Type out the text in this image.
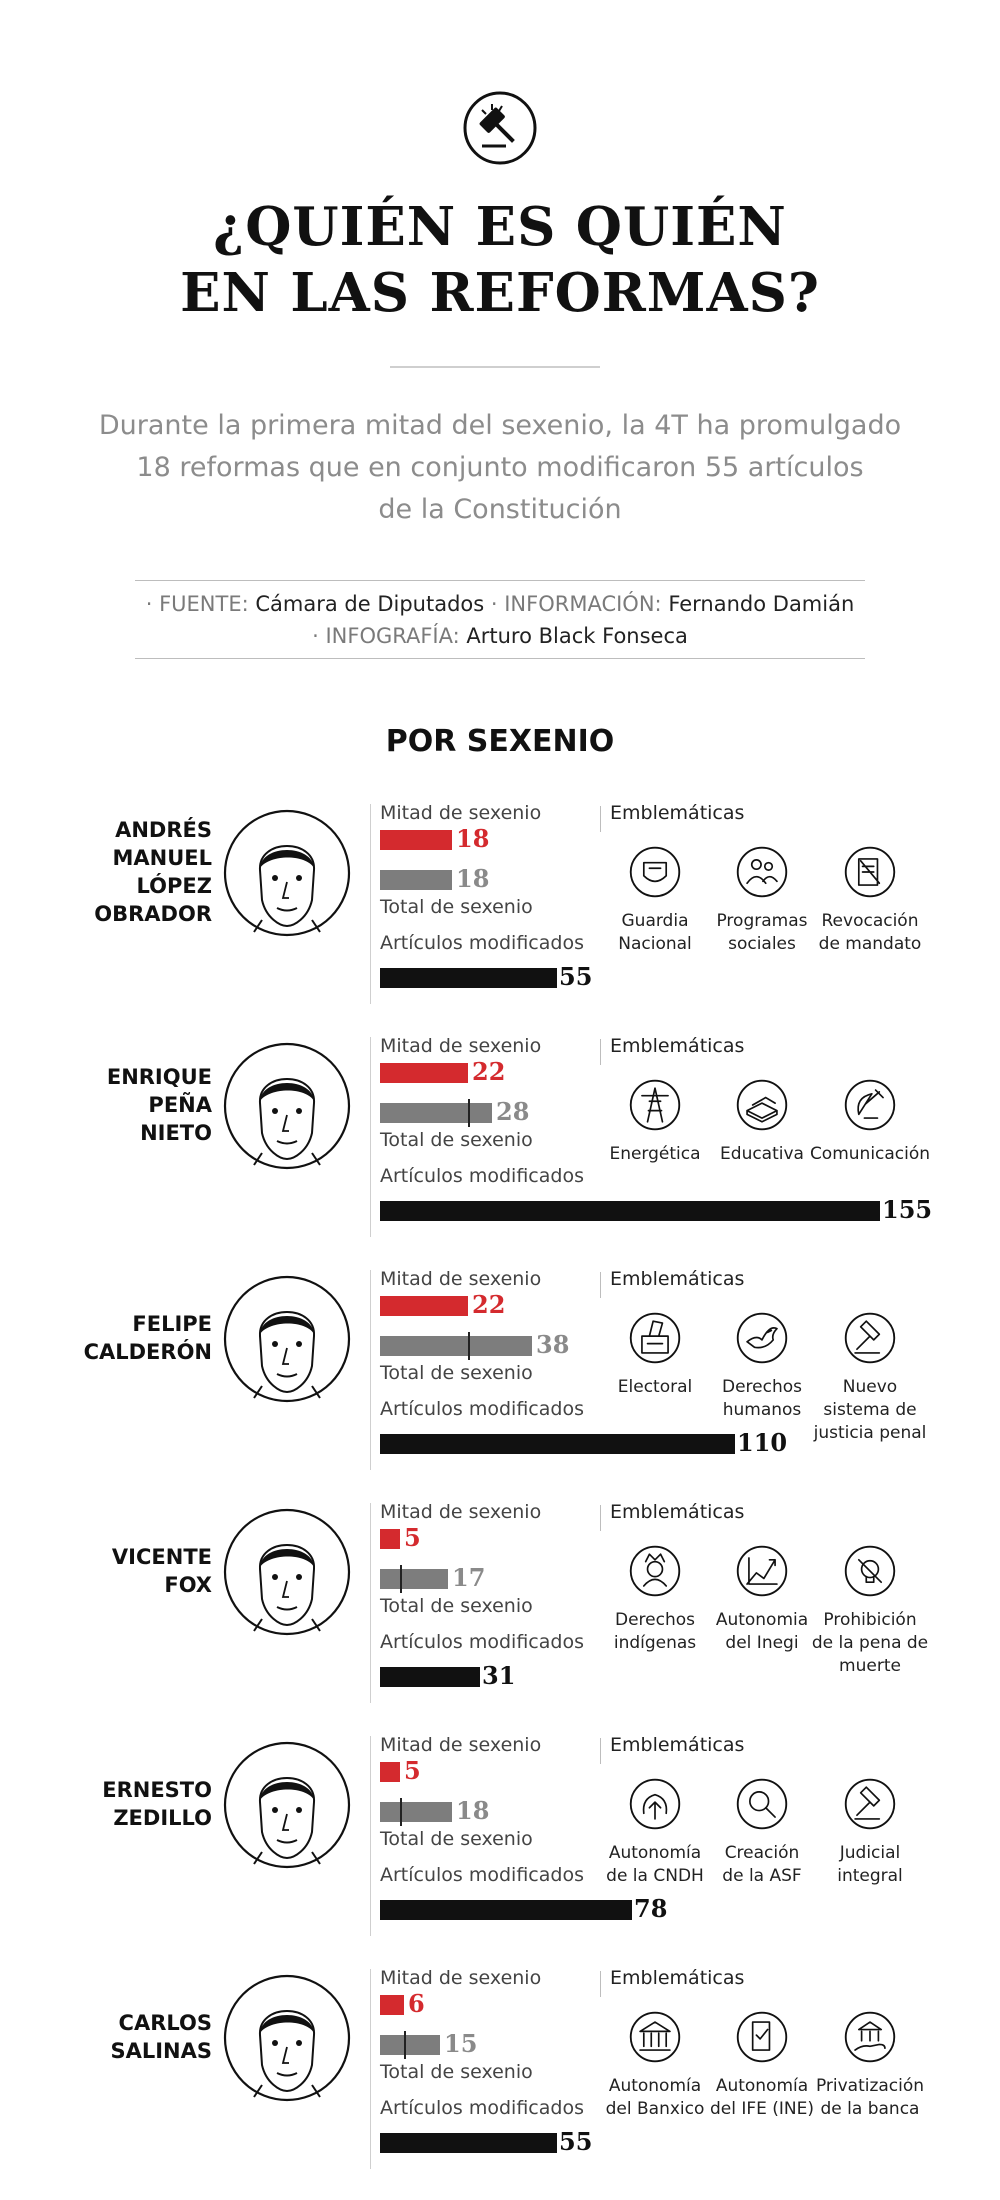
¿QUIÉN ES QUIÉN
EN LAS REFORMAS?
Durante la primera mitad del sexenio, la 4T ha promulgado
18 reformas que en conjunto modificaron 55 artículos
de la Constitución
· FUENTE: Cámara de Diputados · INFORMACIÓN: Fernando Damián
· INFOGRAFÍA: Arturo Black Fonseca
POR SEXENIO
ANDRÉS
MANUEL
LÓPEZ
OBRADOR
Mitad de sexenio
18
18
Total de sexenio
Artículos modificados
55
Emblemáticas
Guardia
Nacional
Programas
sociales
Revocación
de mandato
ENRIQUE
PEÑA
NIETO
Mitad de sexenio
22
28
Total de sexenio
Artículos modificados
155
Emblemáticas
Energética	Educativa Comunicación
FELIPE
CALDERÓN
Mitad de sexenio
22
38
Total de sexenio
Artículos modificados
110
Emblemáticas
Electoral	Derechos
humanos
Nuevo
sistema de
justicia penal
VICENTE
FOX
Mitad de sexenio
5
17
Total de sexenio
Artículos modificados
31
Emblemáticas
Derechos
indígenas
Autonomia
del Inegi
Prohibición
de la pena de
muerte
ERNESTO
ZEDILLO
Mitad de sexenio
5
18
Total de sexenio
Artículos modificados
78
Emblemáticas
Autonomía
de la CNDH
Creación
de la ASF
Judicial
integral
CARLOS
SALINAS
Mitad de sexenio
6
15
Total de sexenio
Artículos modificados
55
Emblemáticas
Autonomía
del Banxico
Autonomía
del IFE (INE)
Privatización
de la banca
